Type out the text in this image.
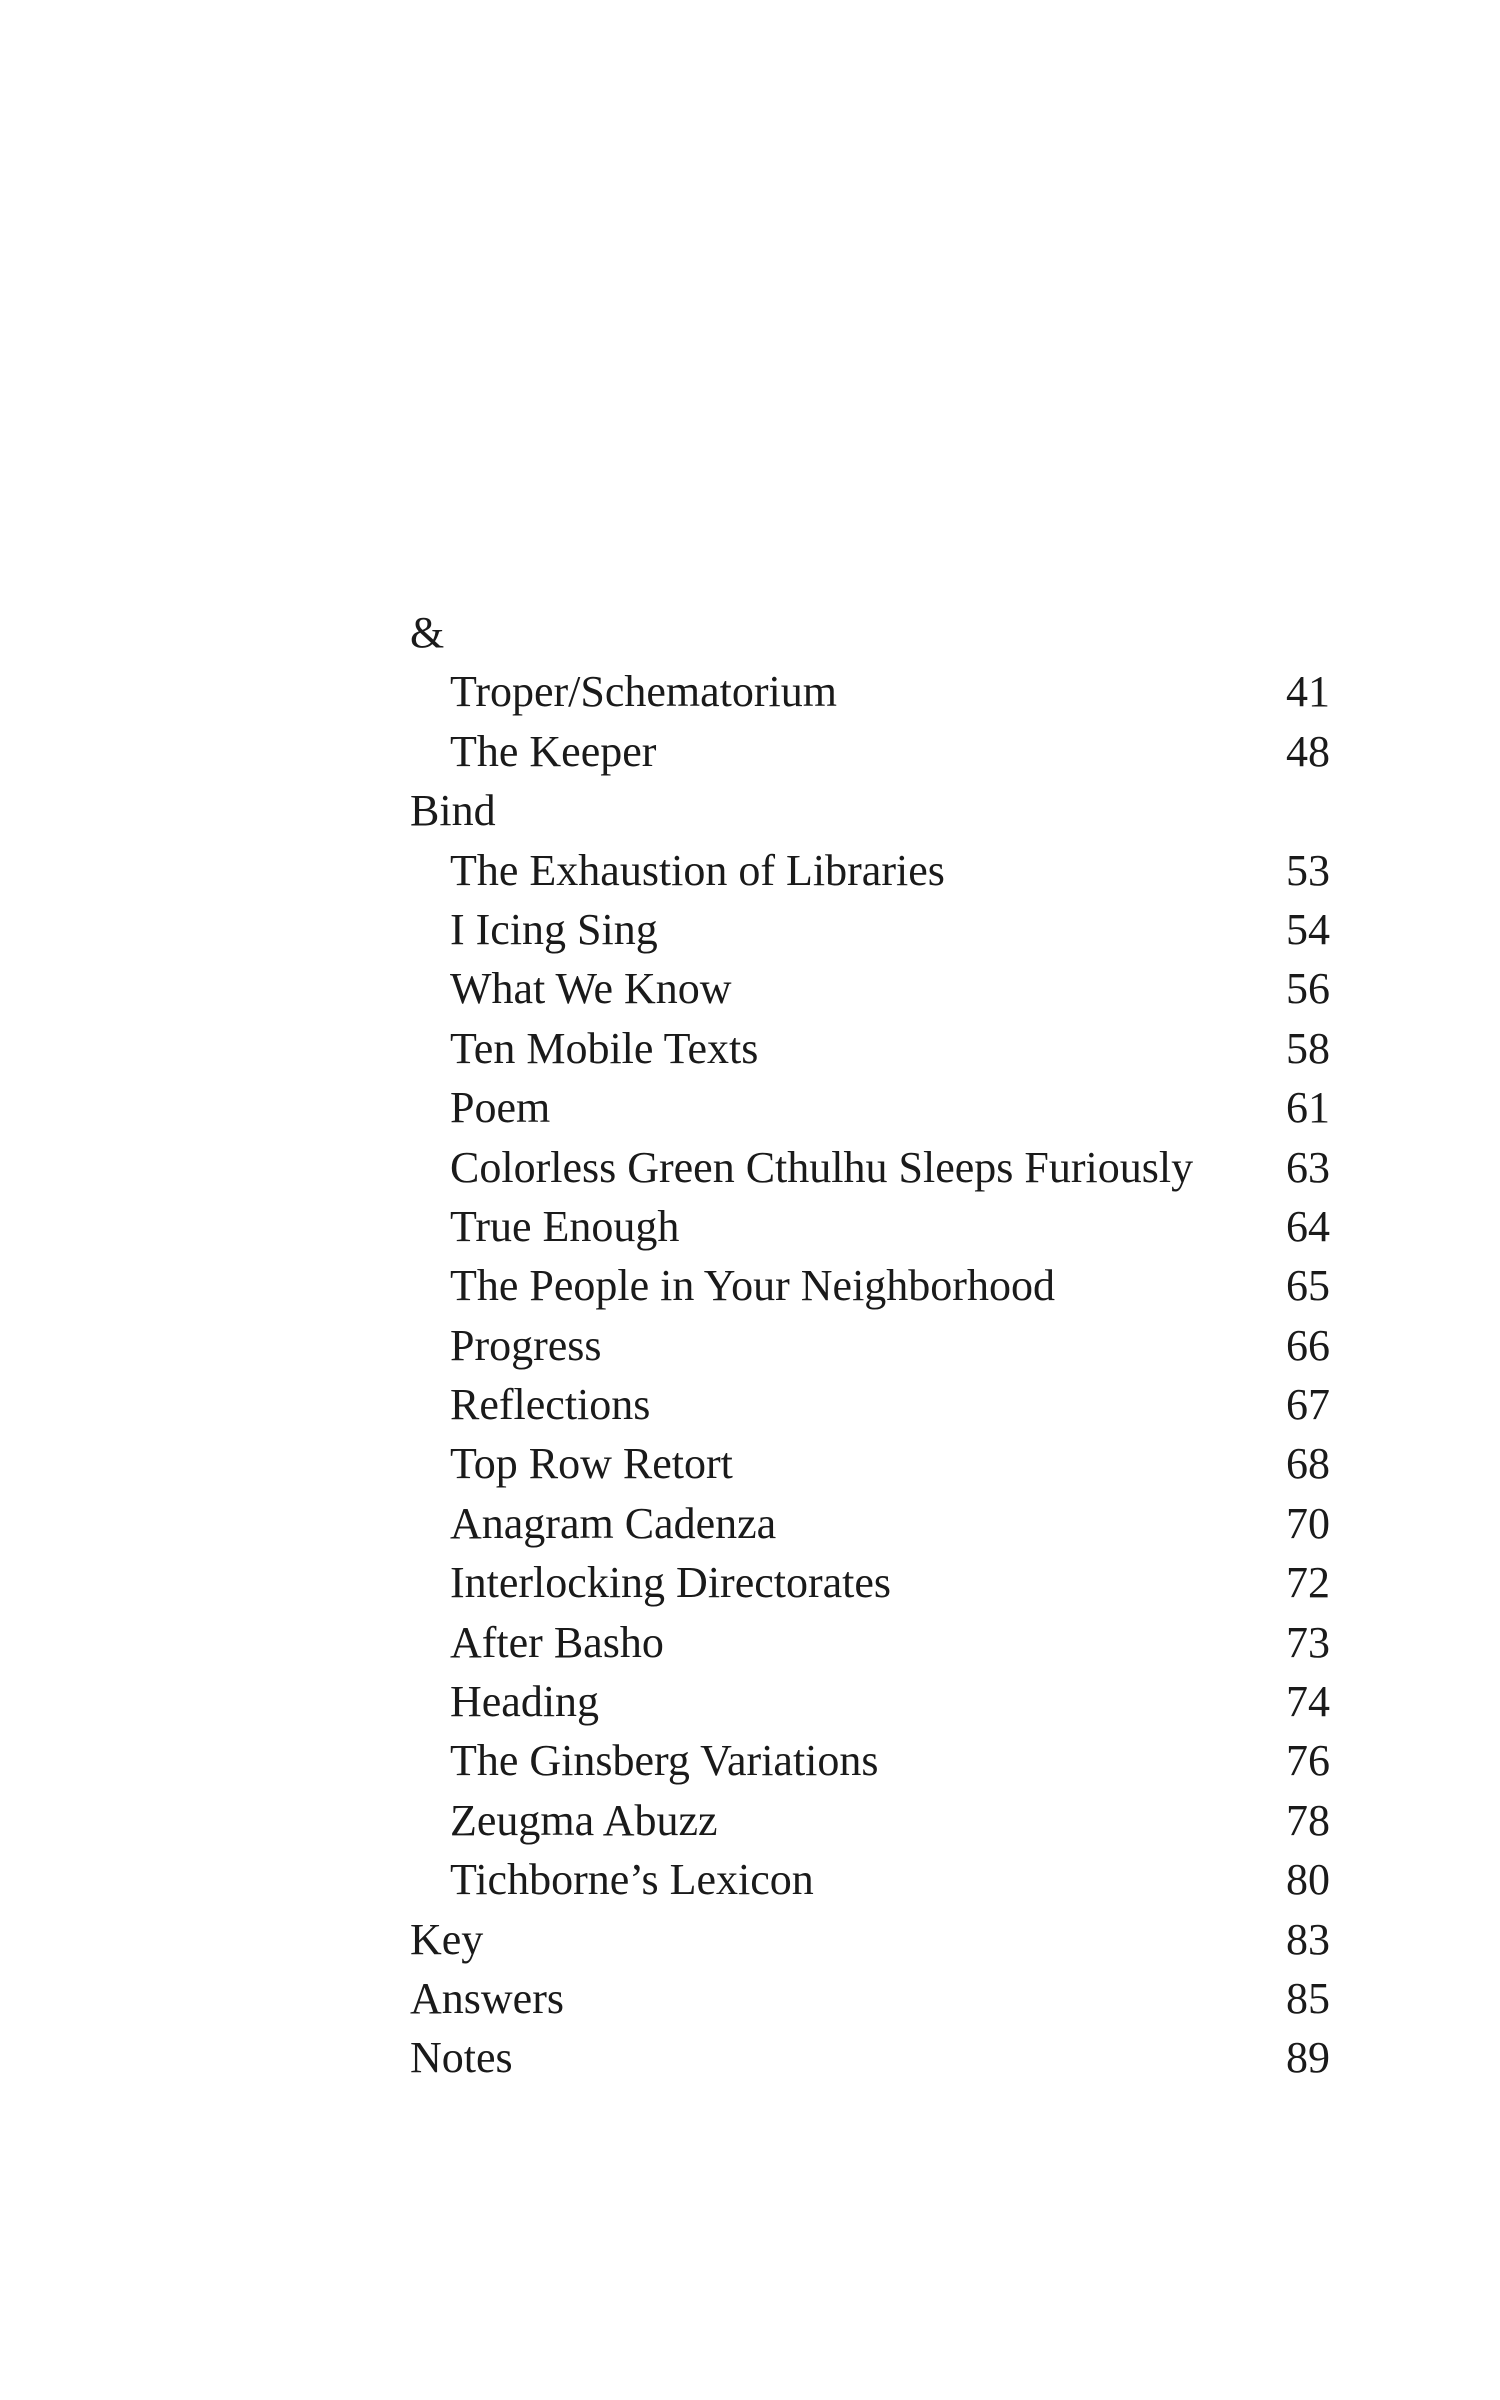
&
Troper/Schematorium	41
The Keeper	48
Bind
The Exhaustion of Libraries	53
I Icing Sing	54
What We Know	56
Ten Mobile Texts	58
Poem	61
Colorless Green Cthulhu Sleeps Furiously 63
True Enough	64
The People in Your Neighborhood	65
Progress	66
Reflections	67
Top Row Retort	68
Anagram Cadenza	70
Interlocking Directorates	72
After Basho	73
Heading	74
The Ginsberg Variations	76
Zeugma Abuzz	78
Tichborne’s Lexicon	80
Key	83
Answers	85
Notes	89
